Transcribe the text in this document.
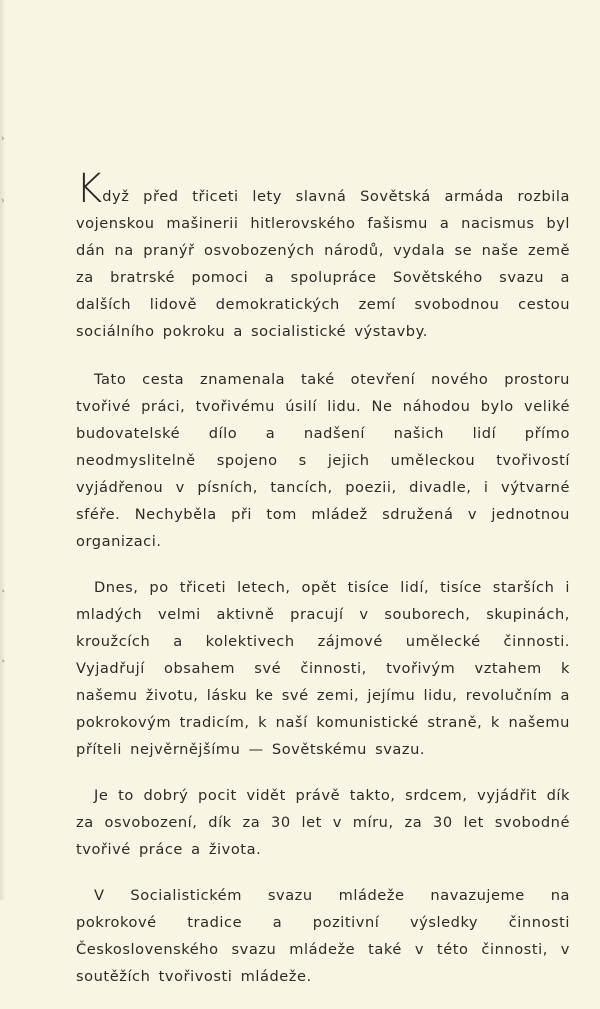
›
›
˃
˃

Když před třiceti lety slavná Sovětská armáda rozbila vojenskou mašinerii hitlerovského fašismu a nacismus byl dán na pranýř osvobozených národů, vydala se naše země za bratrské pomoci a spolupráce Sovětského svazu a dalších lidově demokratických zemí svobodnou cestou sociálního pokroku a socialistické výstavby.

Tato cesta znamenala také otevření nového prostoru tvořivé práci, tvořivému úsilí lidu. Ne náhodou bylo veliké budovatelské dílo a nadšení našich lidí přímo neodmyslitelně spojeno s jejich uměleckou tvořivostí vyjádřenou v písních, tancích, poezii, divadle, i výtvarné sféře. Nechyběla při tom mládež sdružená v jednotnou organizaci.

Dnes, po třiceti letech, opět tisíce lidí, tisíce starších i mladých velmi aktivně pracují v souborech, skupinách, kroužcích a kolektivech zájmové umělecké činnosti. Vyjadřují obsahem své činnosti, tvořivým vztahem k našemu životu, lásku ke své zemi, jejímu lidu, revolučním a pokrokovým tradicím, k naší komunistické straně, k našemu příteli nejvěrnějšímu — Sovětskému svazu.

Je to dobrý pocit vidět právě takto, srdcem, vyjádřit dík za osvobození, dík za 30 let v míru, za 30 let svobodné tvořivé práce a života.

V Socialistickém svazu mládeže navazujeme na pokrokové tradice a pozitivní výsledky činnosti Československého svazu mládeže také v této činnosti, v soutěžích tvořivosti mládeže.
